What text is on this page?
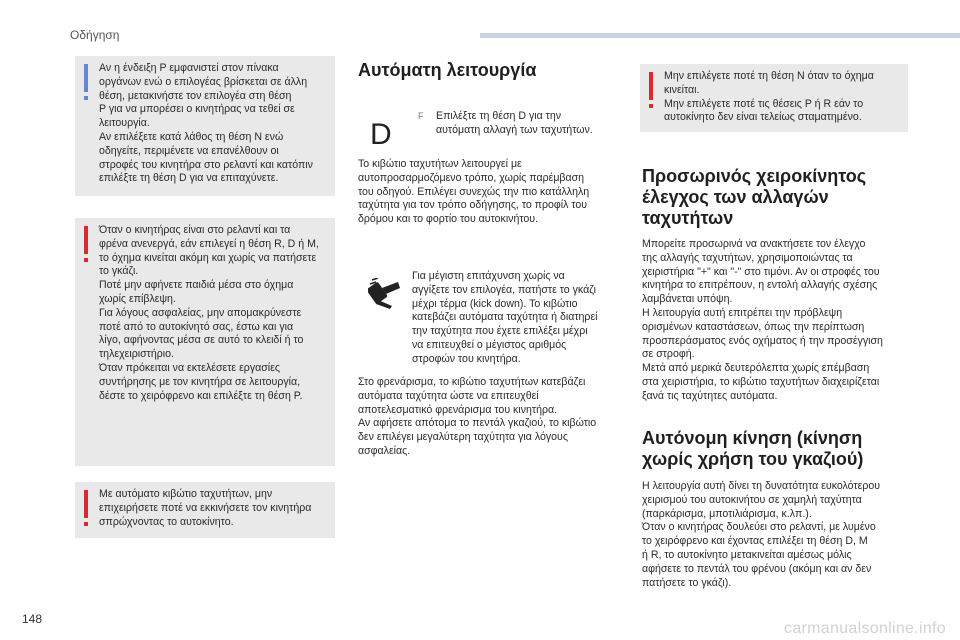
Οδήγηση

Αν η ένδειξη P εμφανιστεί στον πίνακα
οργάνων ενώ ο επιλογέας βρίσκεται σε άλλη
θέση, μετακινήστε τον επιλογέα στη θέση
P για να μπορέσει ο κινητήρας να τεθεί σε
λειτουργία.
Αν επιλέξετε κατά λάθος τη θέση N ενώ
οδηγείτε, περιμένετε να επανέλθουν οι
στροφές του κινητήρα στο ρελαντί και κατόπιν
επιλέξτε τη θέση D για να επιταχύνετε.

Όταν ο κινητήρας είναι στο ρελαντί και τα
φρένα ανενεργά, εάν επιλεγεί η θέση R, D ή M,
το όχημα κινείται ακόμη και χωρίς να πατήσετε
το γκάζι.
Ποτέ μην αφήνετε παιδιά μέσα στο όχημα
χωρίς επίβλεψη.
Για λόγους ασφαλείας, μην απομακρύνεστε
ποτέ από το αυτοκίνητό σας, έστω και για
λίγο, αφήνοντας μέσα σε αυτό το κλειδί ή το
τηλεχειριστήριο.
Όταν πρόκειται να εκτελέσετε εργασίες
συντήρησης με τον κινητήρα σε λειτουργία,
δέστε το χειρόφρενο και επιλέξτε τη θέση P.

Με αυτόματο κιβώτιο ταχυτήτων, μην
επιχειρήσετε ποτέ να εκκινήσετε τον κινητήρα
σπρώχνοντας το αυτοκίνητο.

Αυτόματη λειτουργία
D
F Επιλέξτε τη θέση D για την
αυτόματη αλλαγή των ταχυτήτων.

Το κιβώτιο ταχυτήτων λειτουργεί με
αυτοπροσαρμοζόμενο τρόπο, χωρίς παρέμβαση
του οδηγού. Επιλέγει συνεχώς την πιο κατάλληλη
ταχύτητα για τον τρόπο οδήγησης, το προφίλ του
δρόμου και το φορτίο του αυτοκινήτου.

Για μέγιστη επιτάχυνση χωρίς να
αγγίξετε τον επιλογέα, πατήστε το γκάζι
μέχρι τέρμα (kick down). Το κιβώτιο
κατεβάζει αυτόματα ταχύτητα ή διατηρεί
την ταχύτητα που έχετε επιλέξει μέχρι
να επιτευχθεί ο μέγιστος αριθμός
στροφών του κινητήρα.

Στο φρενάρισμα, το κιβώτιο ταχυτήτων κατεβάζει
αυτόματα ταχύτητα ώστε να επιτευχθεί
αποτελεσματικό φρενάρισμα του κινητήρα.
Αν αφήσετε απότομα το πεντάλ γκαζιού, το κιβώτιο
δεν επιλέγει μεγαλύτερη ταχύτητα για λόγους
ασφαλείας.

Μην επιλέγετε ποτέ τη θέση N όταν το όχημα
κινείται.
Μην επιλέγετε ποτέ τις θέσεις P ή R εάν το
αυτοκίνητο δεν είναι τελείως σταματημένο.

Προσωρινός χειροκίνητος
έλεγχος των αλλαγών
ταχυτήτων

Μπορείτε προσωρινά να ανακτήσετε τον έλεγχο
της αλλαγής ταχυτήτων, χρησιμοποιώντας τα
χειριστήρια "+" και "-" στο τιμόνι. Αν οι στροφές του
κινητήρα το επιτρέπουν, η εντολή αλλαγής σχέσης
λαμβάνεται υπόψη.
Η λειτουργία αυτή επιτρέπει την πρόβλεψη
ορισμένων καταστάσεων, όπως την περίπτωση
προσπεράσματος ενός οχήματος ή την προσέγγιση
σε στροφή.
Μετά από μερικά δευτερόλεπτα χωρίς επέμβαση
στα χειριστήρια, το κιβώτιο ταχυτήτων διαχειρίζεται
ξανά τις ταχύτητες αυτόματα.

Αυτόνομη κίνηση (κίνηση
χωρίς χρήση του γκαζιού)

Η λειτουργία αυτή δίνει τη δυνατότητα ευκολότερου
χειρισμού του αυτοκινήτου σε χαμηλή ταχύτητα
(παρκάρισμα, μποτιλιάρισμα, κ.λπ.).
Όταν ο κινητήρας δουλεύει στο ρελαντί, με λυμένο
το χειρόφρενο και έχοντας επιλέξει τη θέση D, M
ή R, το αυτοκίνητο μετακινείται αμέσως μόλις
αφήσετε το πεντάλ του φρένου (ακόμη και αν δεν
πατήσετε το γκάζι).

148
carmanualsonline.info
